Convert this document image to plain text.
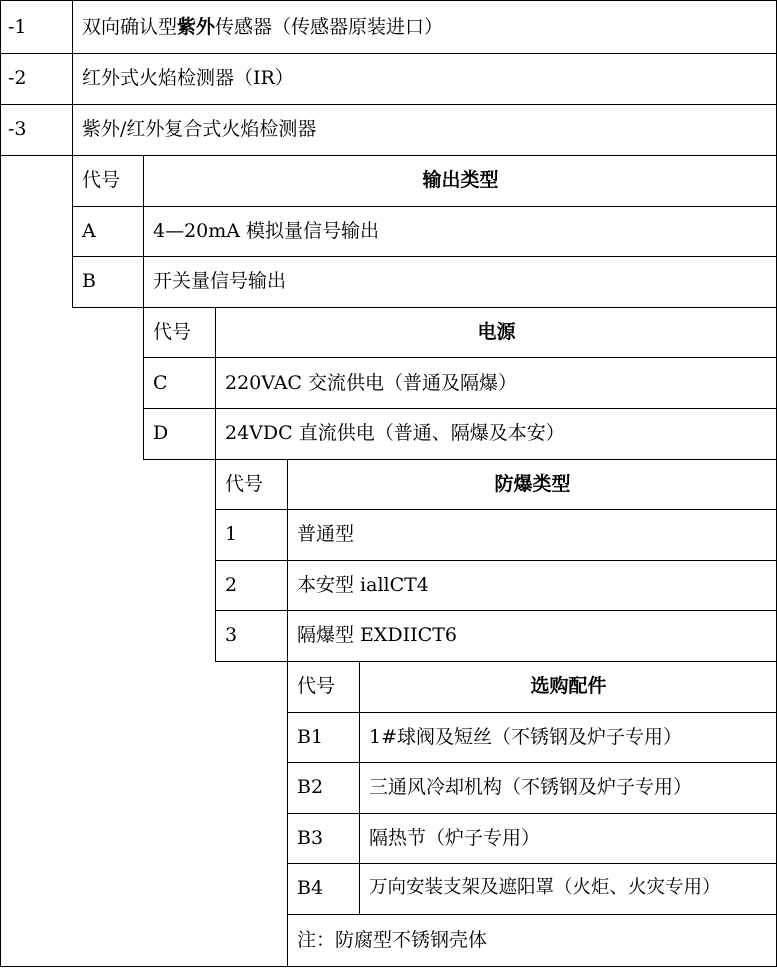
-1	双向确认型紫外传感器（传感器原装进口）
-2	红外式火焰检测器（IR）
-3	紫外/红外复合式火焰检测器
代号	输出类型
A	4—20mA 模拟量信号输出
B	开关量信号输出
代号	电源
C	220VAC 交流供电（普通及隔爆）
D	24VDC 直流供电（普通、隔爆及本安）
代号	防爆类型
1	普通型
2	本安型 iallCT4
3	隔爆型 EXDIICT6
代号	选购配件
B1 1#球阀及短丝（不锈钢及炉子专用）
B2 三通风冷却机构（不锈钢及炉子专用）
B3 隔热节（炉子专用）
B4 万向安装支架及遮阳罩（火炬、火灾专用）
注：防腐型不锈钢壳体
